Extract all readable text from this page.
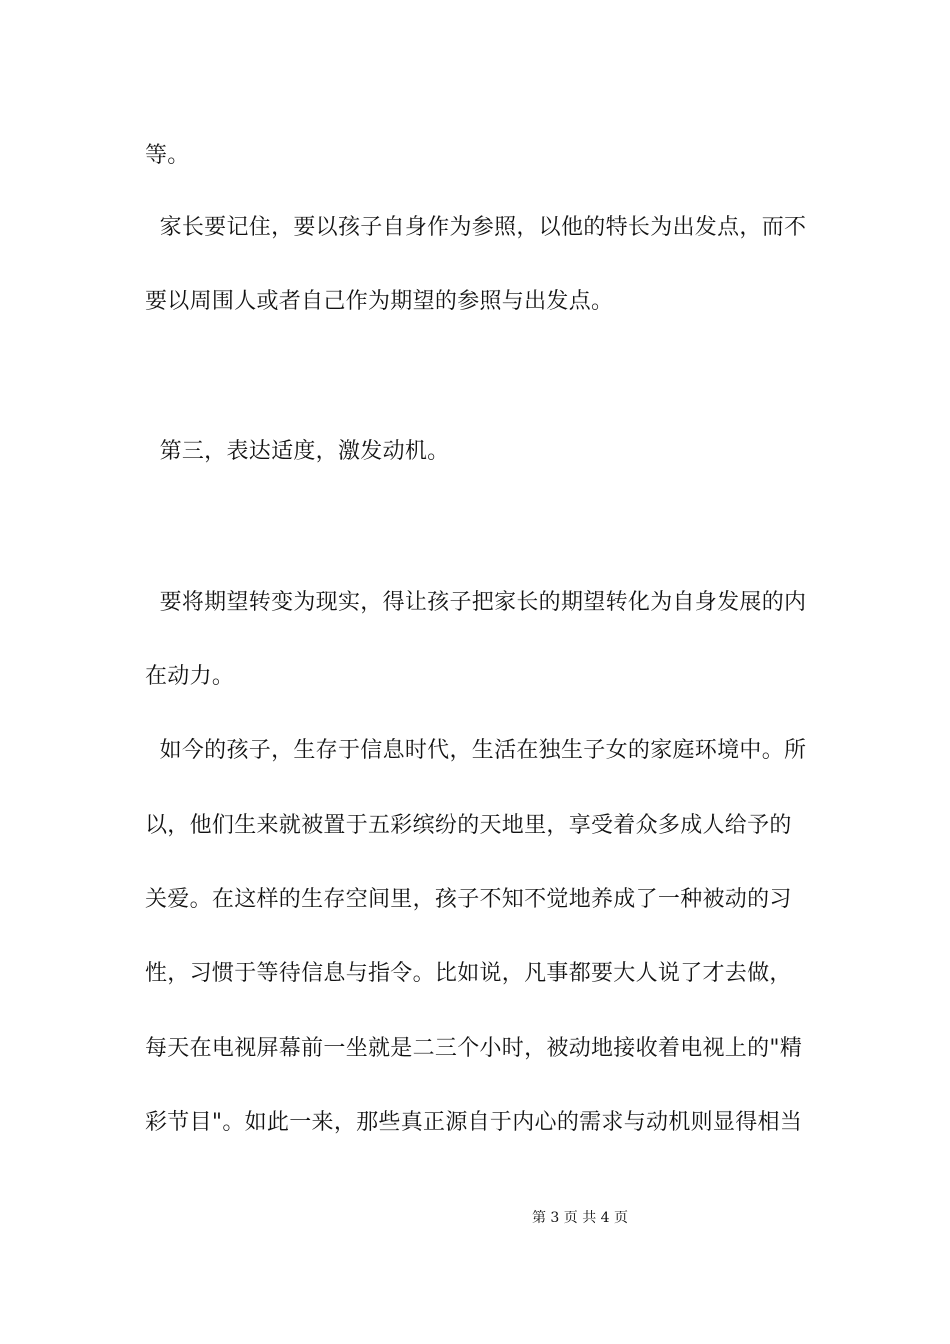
等。
家长要记住，要以孩子自身作为参照，以他的特长为出发点，而不
要以周围人或者自己作为期望的参照与出发点。
第三，表达适度，激发动机。
要将期望转变为现实，得让孩子把家长的期望转化为自身发展的内
在动力。
如今的孩子，生存于信息时代，生活在独生子女的家庭环境中。所
以，他们生来就被置于五彩缤纷的天地里，享受着众多成人给予的
关爱。在这样的生存空间里，孩子不知不觉地养成了一种被动的习
性，习惯于等待信息与指令。比如说，凡事都要大人说了才去做，
每天在电视屏幕前一坐就是二三个小时，被动地接收着电视上的"精
彩节目"。如此一来，那些真正源自于内心的需求与动机则显得相当
第 3 页 共 4 页
